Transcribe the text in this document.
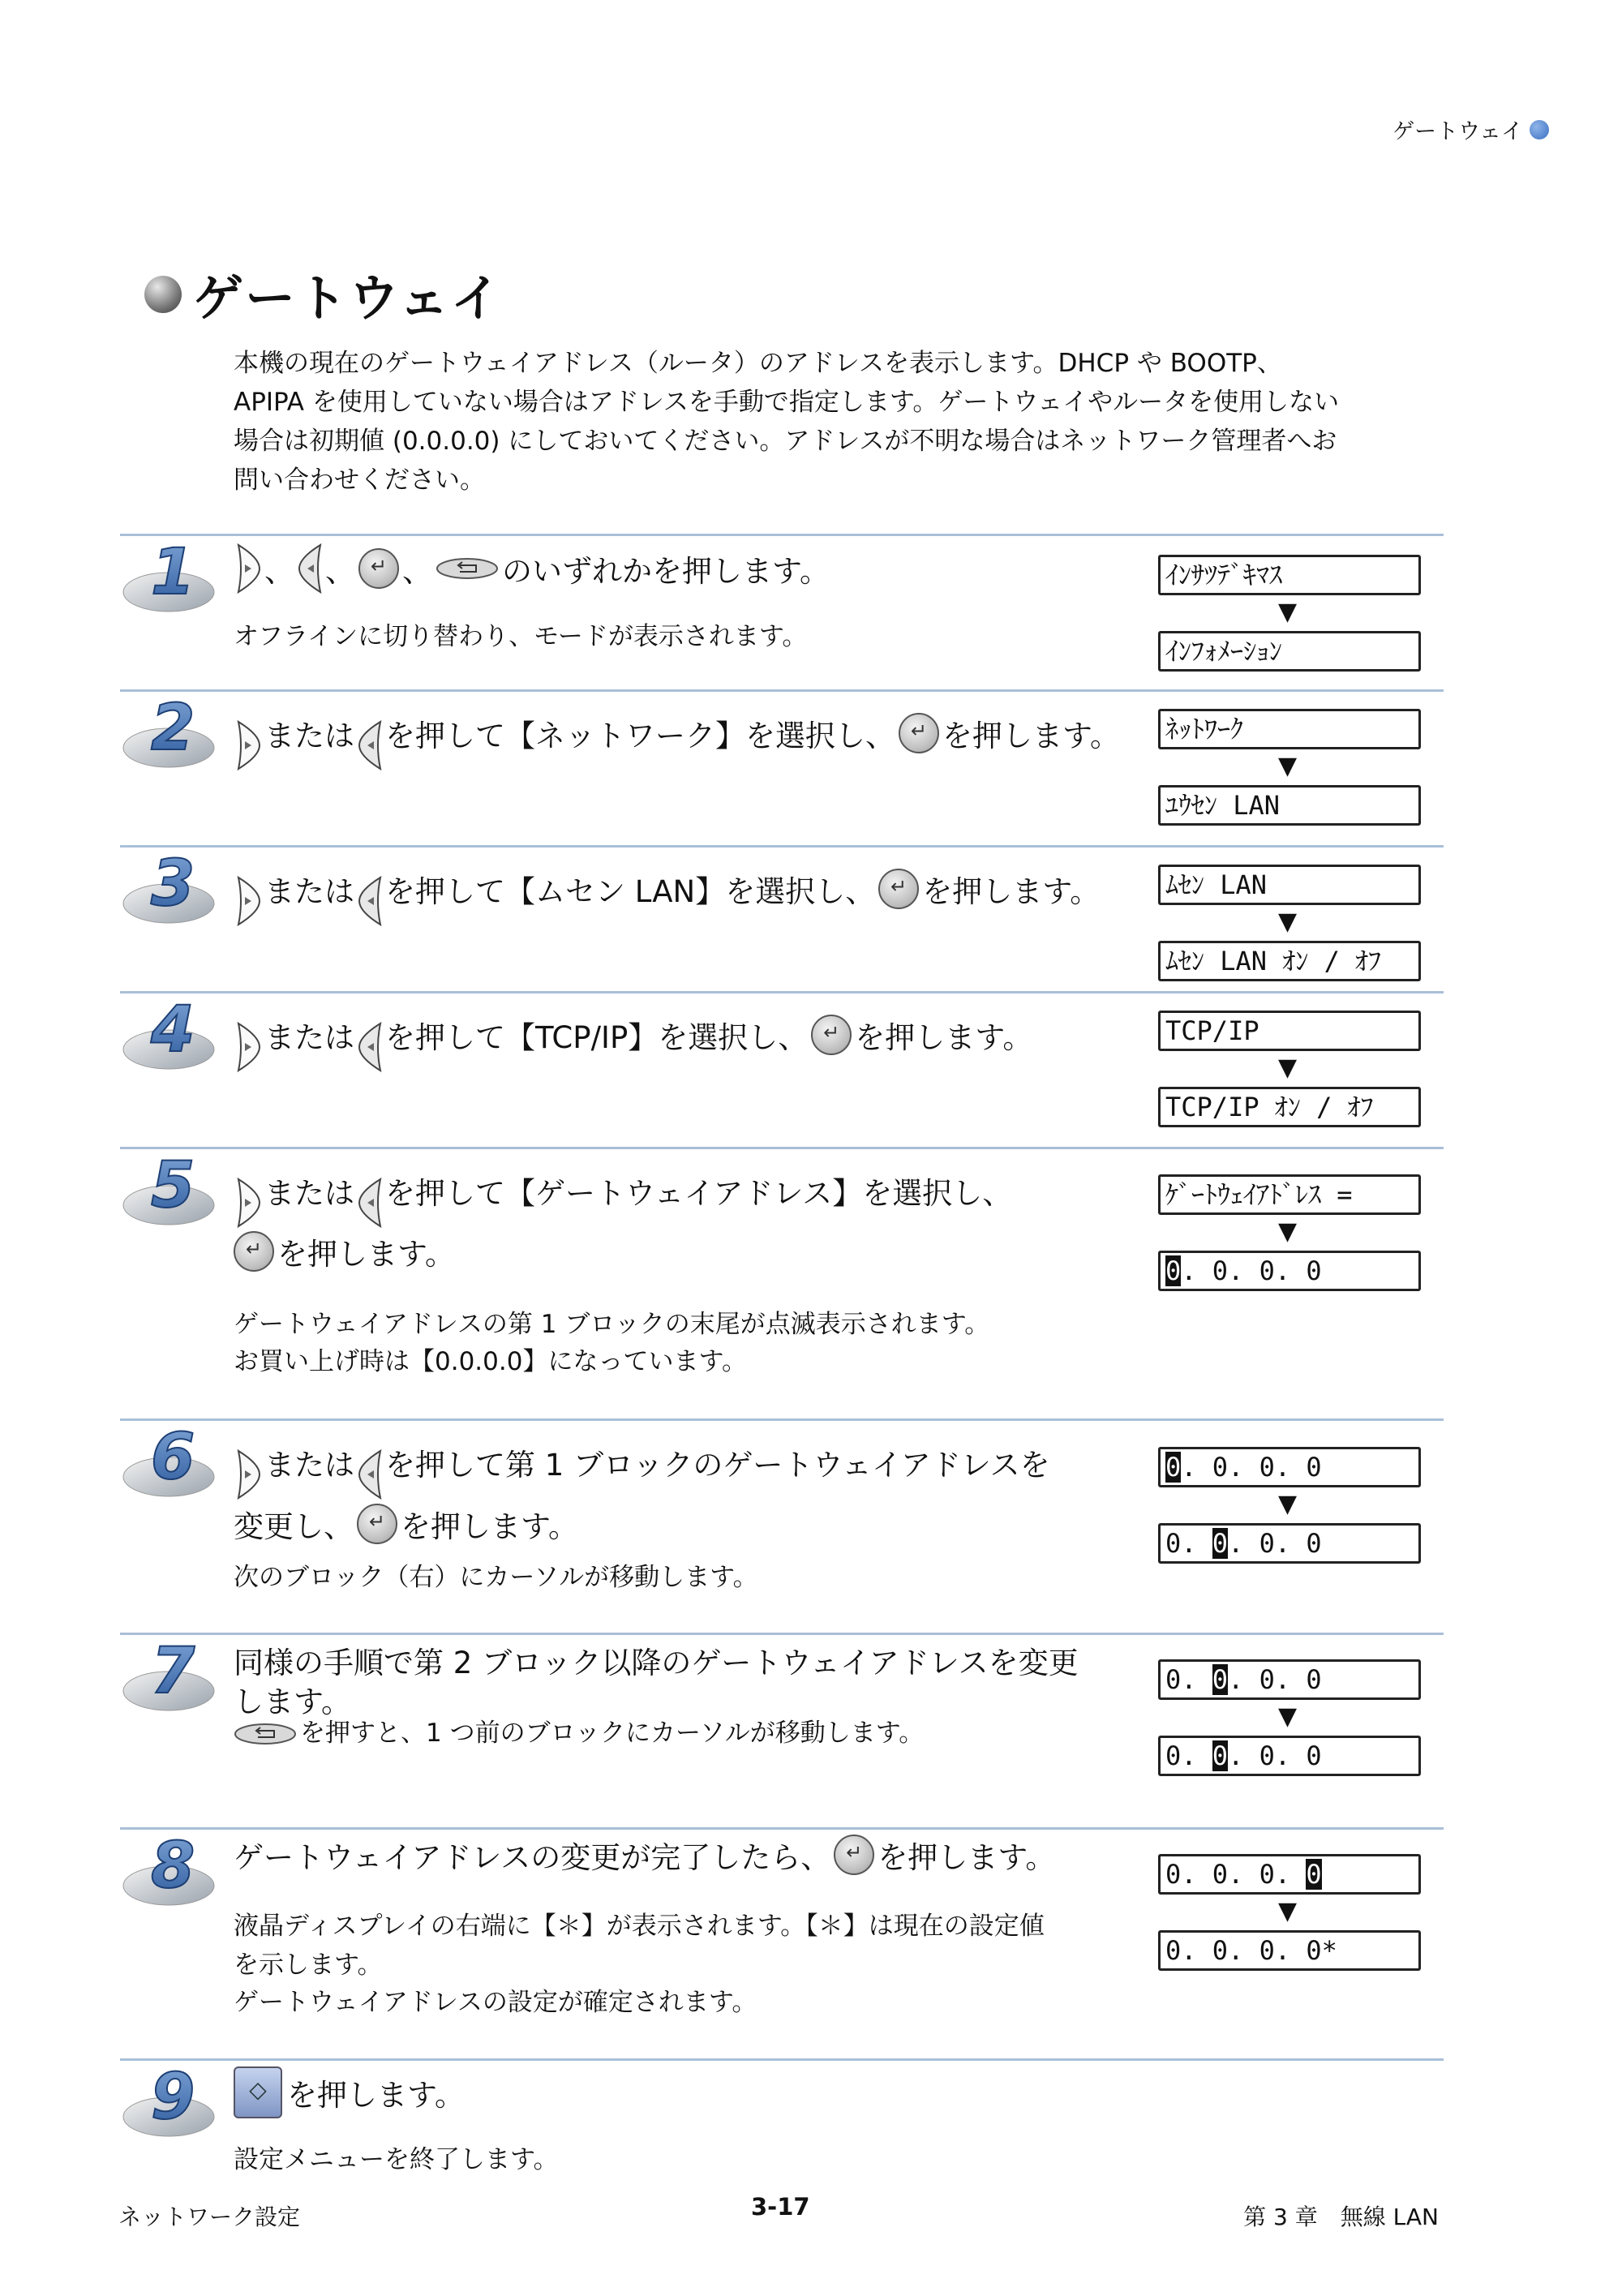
ゲートウェイ
ゲートウェイ
本機の現在のゲートウェイアドレス（ルータ）のアドレスを表示します。DHCP や BOOTP、
APIPA を使用していない場合はアドレスを手動で指定します。ゲートウェイやルータを使用しない
場合は初期値 (0.0.0.0) にしておいてください。アドレスが不明な場合はネットワーク管理者へお
問い合わせください。
1
2
3
4
5
6
7
8
9
、 、 ↵ 、 のいずれかを押します。
オフラインに切り替わり、モードが表示されます。
ｲﾝｻﾂﾃﾞｷﾏｽ
▼
ｲﾝﾌｫﾒｰｼｮﾝ
または を押して【ネットワーク】を選択し、 ↵ を押します。 ﾈｯﾄﾜｰｸ
▼
ﾕｳｾﾝ LAN
または を押して【ムセン LAN】を選択し、 ↵ を押します。	ﾑｾﾝ LAN
▼
ﾑｾﾝ LAN ｵﾝ / ｵﾌ
または を押して【TCP/IP】を選択し、 ↵ を押します。	TCP/IP
▼
TCP/IP ｵﾝ / ｵﾌ
または を押して【ゲートウェイアドレス】を選択し、
↵
を押します。
ゲートウェイアドレスの第 1 ブロックの末尾が点滅表示されます。
お買い上げ時は【0.0.0.0】になっています。
ｹﾞｰﾄｳｪｲｱﾄﾞﾚｽ =
▼
0. 0. 0. 0
または を押して第 1 ブロックのゲートウェイアドレスを
変更し、 ↵ を押します。
次のブロック（右）にカーソルが移動します。
0. 0. 0. 0
▼
0. 0. 0. 0
同様の手順で第 2 ブロック以降のゲートウェイアドレスを変更
します。
を押すと、1 つ前のブロックにカーソルが移動します。
0. 0. 0. 0
▼
0. 0. 0. 0
ゲートウェイアドレスの変更が完了したら、 ↵ を押します。
液晶ディスプレイの右端に【＊】が表示されます。【＊】は現在の設定値
を示します。
ゲートウェイアドレスの設定が確定されます。
0. 0. 0. 0
▼
0. 0. 0. 0*
◇
を押します。
設定メニューを終了します。
ネットワーク設定	3-17	第 3 章　無線 LAN
